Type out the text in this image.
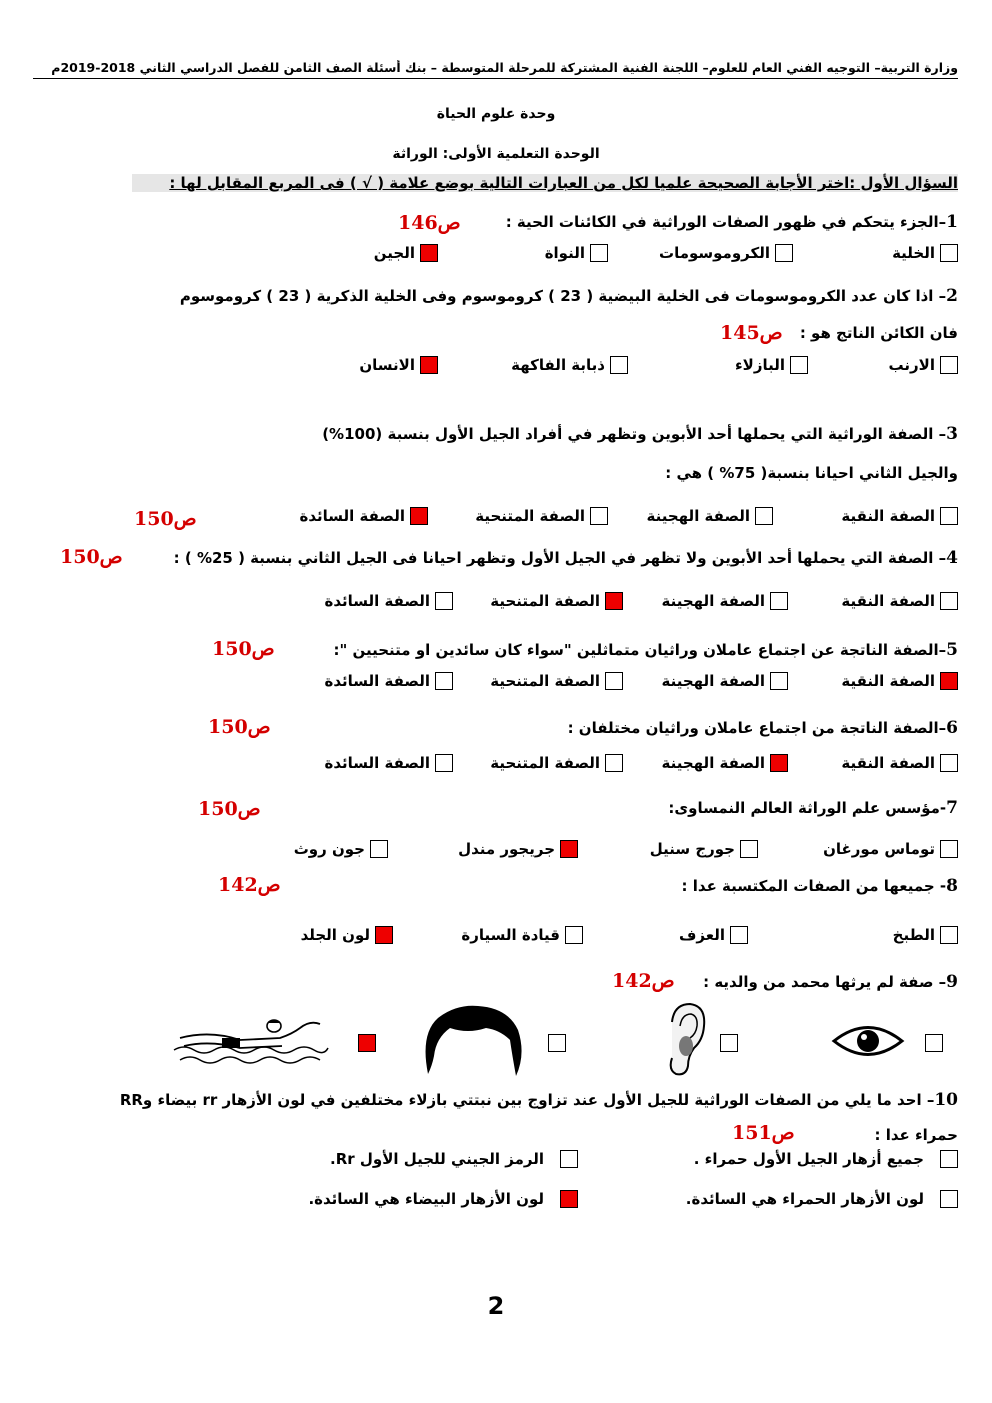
وزارة التربية– التوجيه الفني العام للعلوم– اللجنة الفنية المشتركة للمرحلة المتوسطة – بنك أسئلة الصف الثامن للفصل الدراسي الثاني 2018-2019م
وحدة علوم الحياة
الوحدة التعلمية الأولى: الوراثة
السؤال الأول :اختر الأجابة الصحيحة علميا لكل من العبارات التالية بوضع علامة ( √ ) فى المربع المقابل لها :
1–الجزء يتحكم في ظهور الصفات الوراثية في الكائنات الحية :
ص146
الخلية
الكروموسومات
النواة
الجين
2– اذا كان عدد الكروموسومات فى الخلية البيضية ( 23 ) كروموسوم وفى الخلية الذكرية ( 23 ) كروموسوم
فان الكائن الناتج هو :
ص145
الارنب
البازلاء
ذبابة الفاكهة
الانسان
3– الصفة الوراثية التي يحملها أحد الأبوين وتظهر في أفراد الجيل الأول بنسبة (100%)
والجيل الثاني احيانا بنسبة( 75% ) هي :
الصفة النقية
الصفة الهجينة
الصفة المتنحية
الصفة السائدة
ص150
4– الصفة التي يحملها أحد الأبوين ولا تظهر في الجيل الأول وتظهر احيانا فى الجيل الثاني بنسبة ( 25% ) :
ص150
الصفة النقية
الصفة الهجينة
الصفة المتنحية
الصفة السائدة
5–الصفة الناتجة عن اجتماع عاملان وراثيان متماثلين "سواء كان سائدين او متنحيين ":
ص150
الصفة النقية
الصفة الهجينة
الصفة المتنحية
الصفة السائدة
6–الصفة الناتجة من اجتماع عاملان وراثيان مختلفان :
ص150
الصفة النقية
الصفة الهجينة
الصفة المتنحية
الصفة السائدة
7-مؤسس علم الوراثة العالم النمساوى:
ص150
توماس مورغان
جورج سنيل
جريجور مندل
جون روث
8- جميعها من الصفات المكتسبة عدا :
ص142
الطبخ
العزف
قيادة السيارة
لون الجلد
9– صفة لم يرثها محمد من والديه :
ص142
10– احد ما يلي من الصفات الوراثية للجيل الأول عند تزاوج بين نبتتي بازلاء مختلفين في لون الأزهار rr بيضاء وRR
حمراء عدا :
ص151
جميع أزهار الجيل الأول حمراء .
الرمز الجيني للجيل الأول Rr.
لون الأزهار الحمراء هي السائدة.
لون الأزهار البيضاء هي السائدة.
2
